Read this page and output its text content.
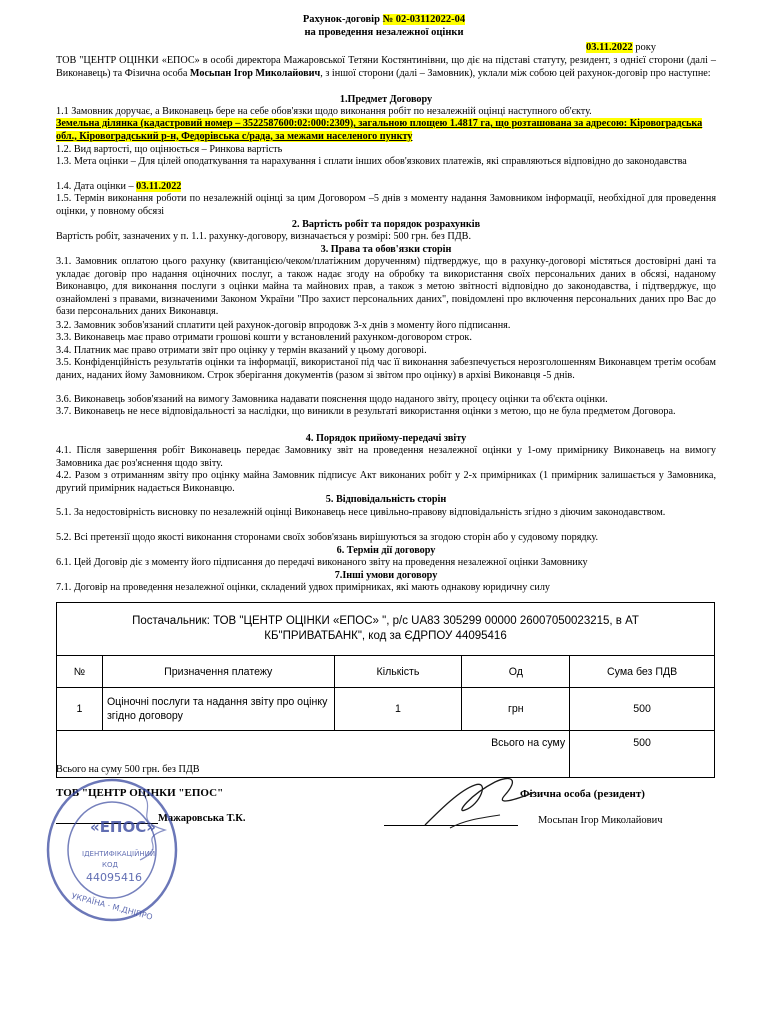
Рахунок-договір № 02-03112022-04
на проведення незалежної оцінки
03.11.2022 року
ТОВ "ЦЕНТР ОЦІНКИ «ЕПОС» в особі директора Мажаровської Тетяни Костянтинівни, що діє на підставі статуту, резидент, з однієї сторони (далі – Виконавець) та Фізична особа Мосьпан Ігор Миколайович, з іншої сторони (далі – Замовник), уклали між собою цей рахунок-договір про наступне:
1.Предмет Договору
1.1 Замовник доручає, а Виконавець бере на себе обов'язки щодо виконання робіт по незалежній оцінці наступного об'єкту.
Земельна ділянка (кадастровий номер – 3522587600:02:000:2309), загальною площею 1.4817 га, що розташована за адресою: Кіровоградська обл., Кіровоградський р-н, Федорівська с/рада, за межами населеного пункту
1.2. Вид вартості, що оцінюється – Ринкова вартість
1.3. Мета оцінки – Для цілей оподаткування та нарахування і сплати інших обов'язкових платежів, які справляються відповідно до законодавства
1.4. Дата оцінки – 03.11.2022
1.5. Термін виконання роботи по незалежній оцінці за цим Договором –5 днів з моменту надання Замовником інформації, необхідної для проведення оцінки, у повному обсязі
2. Вартість робіт та порядок розрахунків
Вартість робіт, зазначених у п. 1.1. рахунку-договору, визначається у розмірі: 500 грн. без ПДВ.
3. Права та обов'язки сторін
3.1. Замовник оплатою цього рахунку (квитанцією/чеком/платіжним дорученням) підтверджує, що в рахунку-договорі містяться достовірні дані та укладає договір про надання оціночних послуг, а також надає згоду на обробку та використання своїх персональних даних в обсязі, наданому Виконавцю, для виконання послуги з оцінки майна та майнових прав, а також з метою звітності відповідно до законодавства, і підтверджує, що ознайомлені з правами, визначеними Законом України "Про захист персональних даних", повідомлені про включення персональних даних про Вас до бази персональних даних Виконавця.
3.2. Замовник зобов'язаний сплатити цей рахунок-договір впродовж 3-х днів з моменту його підписання.
3.3. Виконавець має право отримати грошові кошти у встановлений рахунком-договором строк.
3.4. Платник має право отримати звіт про оцінку у термін вказаний у цьому договорі.
3.5. Конфіденційність результатів оцінки та інформації, використаної під час її виконання забезпечується нерозголошенням Виконавцем третім особам даних, наданих йому Замовником. Строк зберігання документів (разом зі звітом про оцінку) в архіві Виконавця -5 днів.
3.6. Виконавець зобов'язаний на вимогу Замовника надавати пояснення щодо наданого звіту, процесу оцінки та об'єкта оцінки.
3.7. Виконавець не несе відповідальності за наслідки, що виникли в результаті використання оцінки з метою, що не була предметом Договора.
4. Порядок прийому-передачі звіту
4.1. Після завершення робіт Виконавець передає Замовнику звіт на проведення незалежної оцінки у 1-ому примірнику Виконавець на вимогу Замовника дає роз'яснення щодо звіту.
4.2. Разом з отриманням звіту про оцінку майна Замовник підписує Акт виконаних робіт у 2-х примірниках (1 примірник залишається у Замовника, другий примірник надається Виконавцю.
5. Відповідальність сторін
5.1. За недостовірність висновку по незалежній оцінці Виконавець несе цивільно-правову відповідальність згідно з діючим законодавством.
5.2. Всі претензії щодо якості виконання сторонами своїх зобов'язань вирішуються за згодою сторін або у судовому порядку.
6. Термін дії договору
6.1. Цей Договір діє з моменту його підписання до передачі виконаного звіту на проведення незалежної оцінки Замовнику
7.Інші умови договору
7.1. Договір на проведення незалежної оцінки, складений удвох примірниках, які мають однакову юридичну силу
Постачальник: ТОВ "ЦЕНТР ОЦІНКИ «ЕПОС» ", р/с UA83 305299 00000 26007050023215, в АТ КБ"ПРИВАТБАНК", код за ЄДРПОУ 44095416				
№	Призначення платежу	Кількість	Од	Сума без ПДВ
1	Оціночні послуги та надання звіту про оцінку згідно договору	1	грн	500
Всього на суму				500
Всього на суму 500 грн. без ПДВ
ТОВ "ЦЕНТР ОЦІНКИ "ЕПОС"
Мажаровська Т.К.
Фізична особа (резидент)
Мосьпан Ігор Миколайович
«ЕПОС»
ІДЕНТИФІКАЦІЙНИЙ
КОД
44095416
УКРАЇНА · М.ДНІПРО
